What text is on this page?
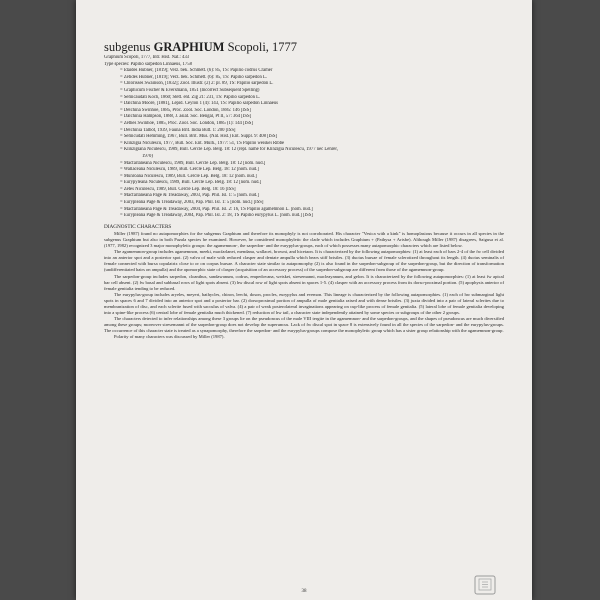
subgenus GRAPHIUM Scopoli, 1777
Graphium Scopoli, 1777, Intr. Hist. Nat.: 433
Type species: Papilio sarpedon Linnaeus, 1758
= Idaides Hübner, [1819]; Verz. bek. Schmett. (6): 85, TS: Papilio codrus Cramer
= Zetides Hübner, [1819]; Verz. bek. Schmett. (6): 85, TS: Papilio sarpedon L.
= Chlorisses Swainson, [1832]; Zool. Illustr. (2) 2: pl. 89, TS: Papilio sarpedon L.
= Graphicum Fischer & Eversmann, 1851 (Incorrect Subsequent Spelling)
= Semicaudati Koch, 1860; Stett. ent. Zig 21: 231, TS: Papilio sarpedon L.
= Dalchina Moore, [1881], Lepid. Ceylon 1 (4): 143, TS: Papilio sarpedon Linnaeus
= Delchina Swinhoe, 1885, Proc. Zool. Soc. London, 1885: 146 [ISS]
= Dalchinia Hampson, 1888, J. asiat. Soc. Bengal, Pt II, 57: 364 [ISS]
= Zethes Swinhoe, 1885, Proc. Zool. Soc. London, 1885 (1): 144 [ISS]
= Delchinia Talbot, 1939, Fauna Brit. India Butt. 1: 200 [ISS]
= Semicudati Hemming, 1967, Bull. Brit. Mus. (Nat. Hist.) Ent. Suppl. 9: 408 [ISS]
= Klinzigia Niculescu, 1977, Bull. Soc. Ent. Mulh., 1977: 51, TS Papilio weiskei Ribbe
= Klinzigiana Niculescu, 1989, Bull. Cercle Lep. Belg. 18: 12 (repl. name for Klinzigia Niculescu, 1977 nec Lehrer,
1970)
= Macfarlaneana Niculescu, 1989, Bull. Cercle Lep. Belg. 18: 12 [nom. nud.]
= Wallaceana Niculescu, 1989, Bull. Cercle Lep. Belg. 18: 12 [nom. nud.]
= Munroana Niculescu, 1989, Bull. Cercle Lep. Belg. 18: 12 [nom. nud.]
= Eurypyleana Niculescu, 1989, Bull. Cercle Lep. Belg. 18: 12 [nom. nud.]
= Zetes Niculescu, 1989, Bull. Cercle Lep. Belg. 18: 16 [ISS]
= Macfarlaneana Page & Treadaway, 2003, Pap. Phil. Isl. 1: 5 [nom. nud.]
= Eurypleana Page & Treadaway, 2003, Pap. Phil. Isl. 1: 5 [nom. nud.] [ISS]
= Macfarlaneana Page & Treadaway, 2004, Pap. Phil. Isl. 2: 16, TS Papilio agamemnon L. [nom. nud.]
= Eurypleana Page & Treadaway, 2004, Pap. Phil. Isl. 2: 18, TS Papilio eurypylus L. [nom. nud.] [ISS]
DIAGNOSTIC CHARACTERS

Miller (1987) found no autapomorphies for the subgenus Graphium and therefore its monophyly is not corroborated. His character "Vesica with a kink" is homoplasious because it occurs in all species in the subgenus Graphium but also in both Pazala species he examined. However, he considered monophyletic the clade which includes Graphium + (Pathysa + Arisbe). Although Miller (1987) disagrees, Saigusa et al. (1977, 1982) recognized 3 major monophyletic groups: the agamemnon-, the sarpedon- and the eurypylus-groups, each of which possesses many autapomorphic characters which are listed below.

The agamemnon-group includes agamemnon, meeki, macfarlanei, mendana, wallacei, browni, and hicetaon. It is characterized by the following autapomorphies: (1) at least each of bars 2-4 of the fw cell divided into an anterior spot and a posterior spot. (2) valva of male with reduced clasper and dentate ampulla which bears stiff bristles. (3) ductus bursae of female sclerotized throughout its length. (4) ductus seminalis of female connected with bursa copulatrix close to or on corpus bursae. A character state similar to autapomorphy (2) is also found in the sarpedon-subgroup of the sarpedon-group, but the direction of transformation (undifferentiated hairs on ampulla) and the apomorphic state of clasper (acquisition of an accessory process) of the sarpedon-subgroup are different from those of the agamemnon-group.

The sarpedon-group includes sarpedon, cloanthus, sandawanum, codrus, empedovana, weiskei, stresemanni, macleayanum, and gelon. It is characterized by the following autapomorphies: (1) at least fw apical bar cell absent. (2) fw basal and subbasal rows of light spots absent. (3) hw discal row of light spots absent in spaces 1-5. (4) clasper with an accessory process from its dorso-proximal portion. (5) apophysis anterior of female genitalia tending to be reduced.

The eurypylus-group includes aryeles, meyeri, bathycles, chiron, leechi, doson, procles, eurypylus and evemon. This lineage is characterized by the following autapomorphies. (1) each of hw submarginal light spots in spaces 6 and 7 divided into an anterior spot and a posterior bar. (2) dorsoproximal portion of ampulla of male genitalia raised and with dense bristles. (3) juxta divided into a pair of lateral sclerites due to membranization of disc, and each sclerite fused with sacculus of valva. (4) a pair of weak posterolateral invaginations appearing on cup-like process of female genitalia. (5) lateral lobe of female genitalia developing into a spine-like process (6) central lobe of female genitalia much thickened. (7) reduction of hw tail, a character state independently attained by some species or subgroups of the other 2 groups.

The characters detected to infer relationships among these 3 groups lie on the pseudoncus of the male VIII tergite in the agamemnon- and the sarpedon-groups, and the shapes of pseudoncus are much diversified among these groups; moreover stresemanni of the sarpedon-group does not develop the superuncus. Lack of fw discal spot in space 8 is extensively found in all the species of the sarpedon- and the eurypylus-groups. The occurrence of this character state is treated as a synapomorphy, therefore the sarpedon- and the eurypylus-groups compose the monophyletic group which has a sister group relationship with the agamemnon-group.

Polarity of many characters was discussed by Miller (1987).

38
